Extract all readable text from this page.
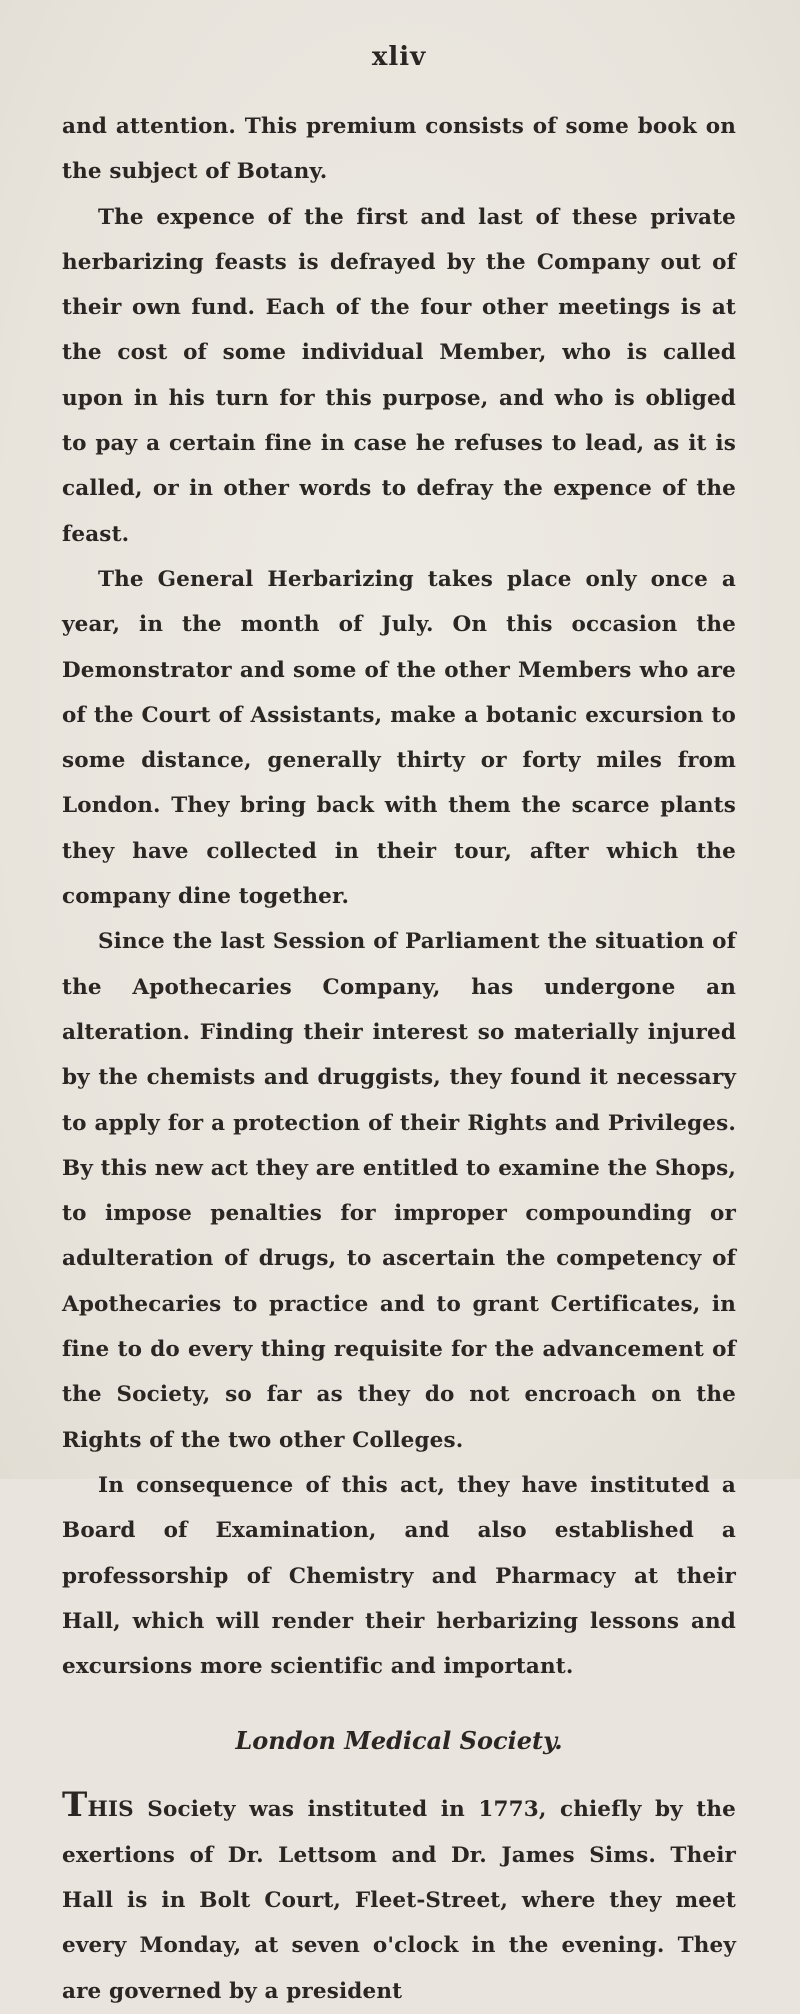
xliv

and attention. This premium consists of some book on the subject of Botany.

The expence of the first and last of these private herbarizing feasts is defrayed by the Company out of their own fund. Each of the four other meetings is at the cost of some individual Member, who is called upon in his turn for this purpose, and who is obliged to pay a certain fine in case he refuses to lead, as it is called, or in other words to defray the expence of the feast.

The General Herbarizing takes place only once a year, in the month of July. On this occasion the Demonstrator and some of the other Members who are of the Court of Assistants, make a botanic excursion to some distance, generally thirty or forty miles from London. They bring back with them the scarce plants they have collected in their tour, after which the company dine together.

Since the last Session of Parliament the situation of the Apothecaries Company, has undergone an alteration. Finding their interest so materially injured by the chemists and druggists, they found it necessary to apply for a protection of their Rights and Privileges. By this new act they are entitled to examine the Shops, to impose penalties for improper compounding or adulteration of drugs, to ascertain the competency of Apothecaries to practice and to grant Certificates, in fine to do every thing requisite for the advancement of the Society, so far as they do not encroach on the Rights of the two other Colleges.

In consequence of this act, they have instituted a Board of Examination, and also established a professorship of Chemistry and Pharmacy at their Hall, which will render their herbarizing lessons and excursions more scientific and important.

London Medical Society.

THIS Society was instituted in 1773, chiefly by the exertions of Dr. Lettsom and Dr. James Sims. Their Hall is in Bolt Court, Fleet-Street, where they meet every Monday, at seven o'clock in the evening. They are governed by a president
